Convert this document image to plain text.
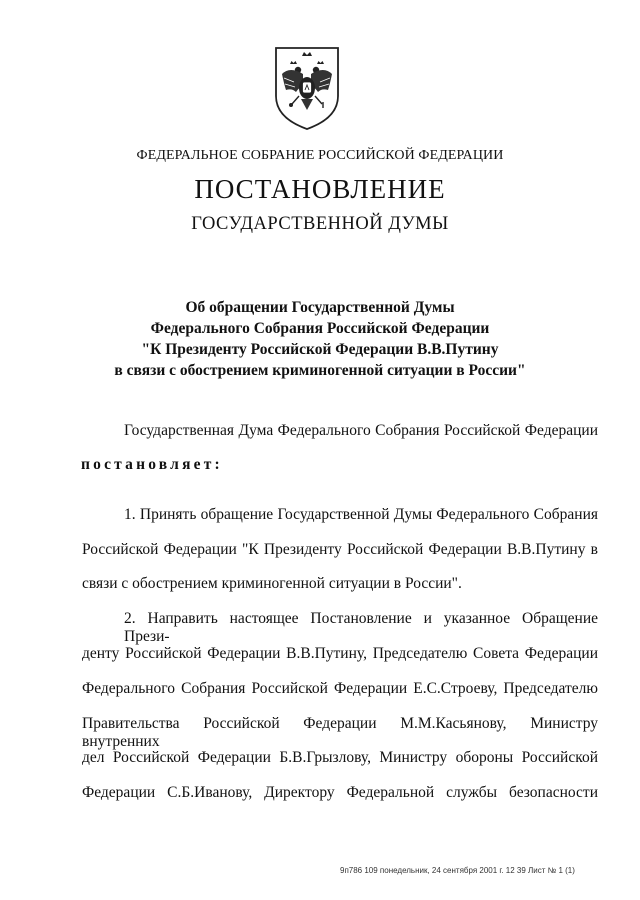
ФЕДЕРАЛЬНОЕ СОБРАНИЕ РОССИЙСКОЙ ФЕДЕРАЦИИ
ПОСТАНОВЛЕНИЕ
ГОСУДАРСТВЕННОЙ ДУМЫ
Об обращении Государственной Думы
Федерального Собрания Российской Федерации
"К Президенту Российской Федерации В.В.Путину
в связи с обострением криминогенной ситуации в России"
Государственная Дума Федерального Собрания Российской Федерации
постановляет:
1. Принять обращение Государственной Думы Федерального Собрания
Российской Федерации "К Президенту Российской Федерации В.В.Путину в
связи с обострением криминогенной ситуации в России".
2. Направить настоящее Постановление и указанное Обращение Прези-
денту Российской Федерации В.В.Путину, Председателю Совета Федерации
Федерального Собрания Российской Федерации Е.С.Строеву, Председателю
Правительства Российской Федерации М.М.Касьянову, Министру внутренних
дел Российской Федерации Б.В.Грызлову, Министру обороны Российской
Федерации С.Б.Иванову, Директору Федеральной службы безопасности
9п786 109 понедельник, 24 сентября 2001 г. 12 39 Лист № 1 (1)
